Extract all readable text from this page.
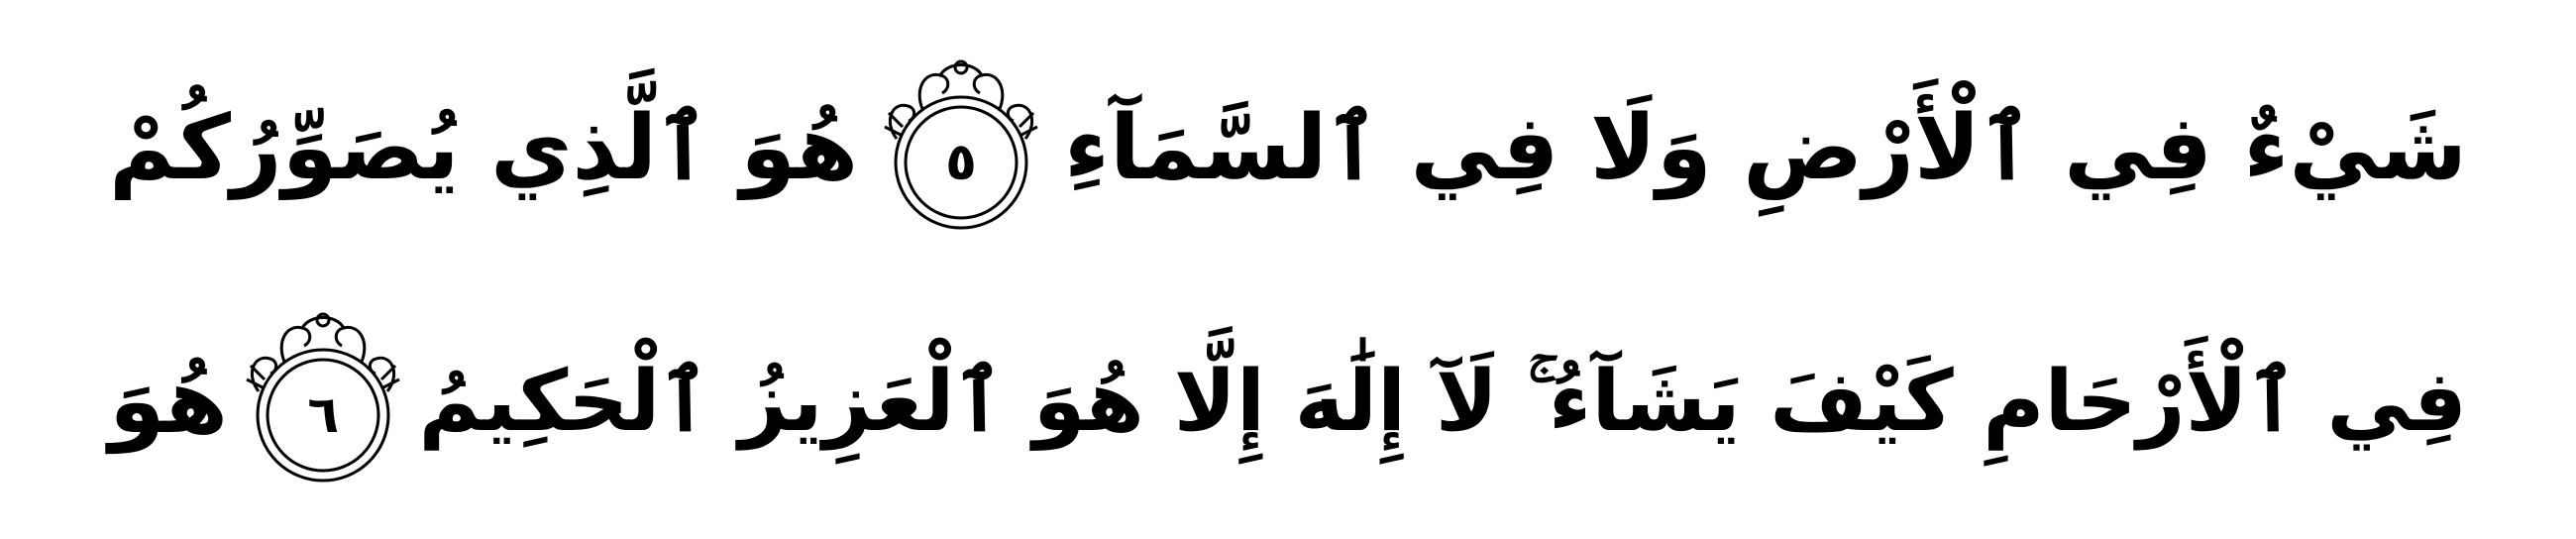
شَيْءٌ فِي ٱلْأَرْضِ وَلَا فِي ٱلسَّمَآءِ
٥
هُوَ ٱلَّذِي يُصَوِّرُكُمْ
فِي ٱلْأَرْحَامِ كَيْفَ يَشَآءُ ۚ لَآ إِلَٰهَ إِلَّا هُوَ ٱلْعَزِيزُ ٱلْحَكِيمُ
٦
هُوَ
